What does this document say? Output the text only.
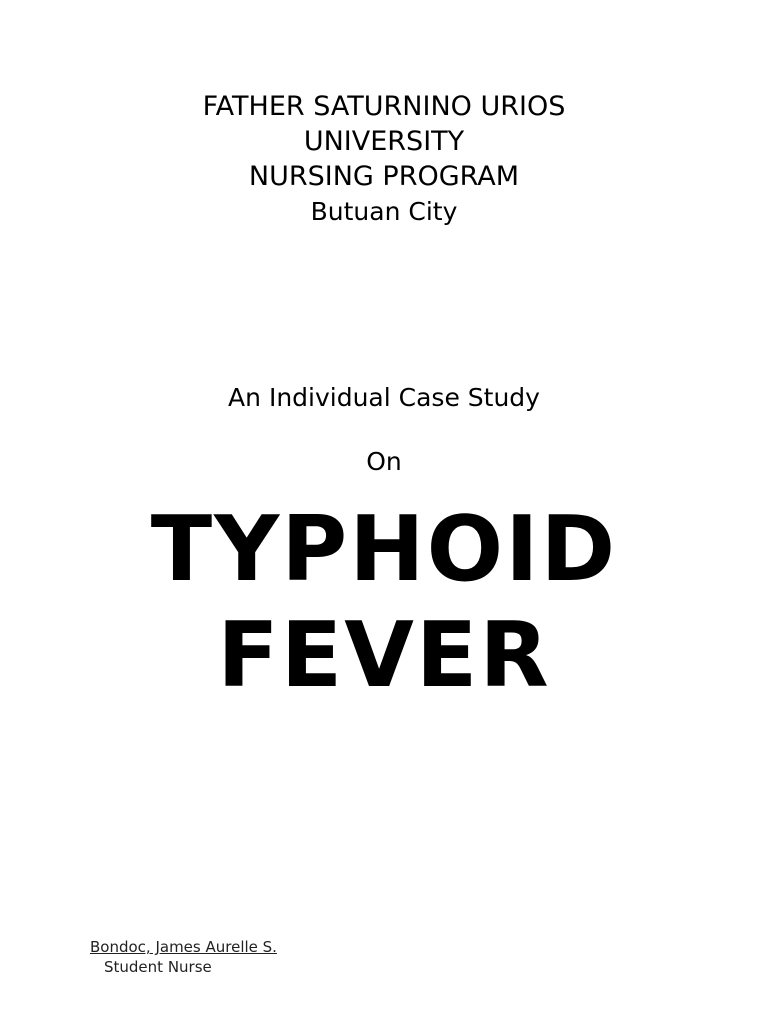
FATHER SATURNINO URIOS
UNIVERSITY
NURSING PROGRAM
Butuan City
An Individual Case Study
On
TYPHOID
FEVER
Bondoc, James Aurelle S.
Student Nurse
